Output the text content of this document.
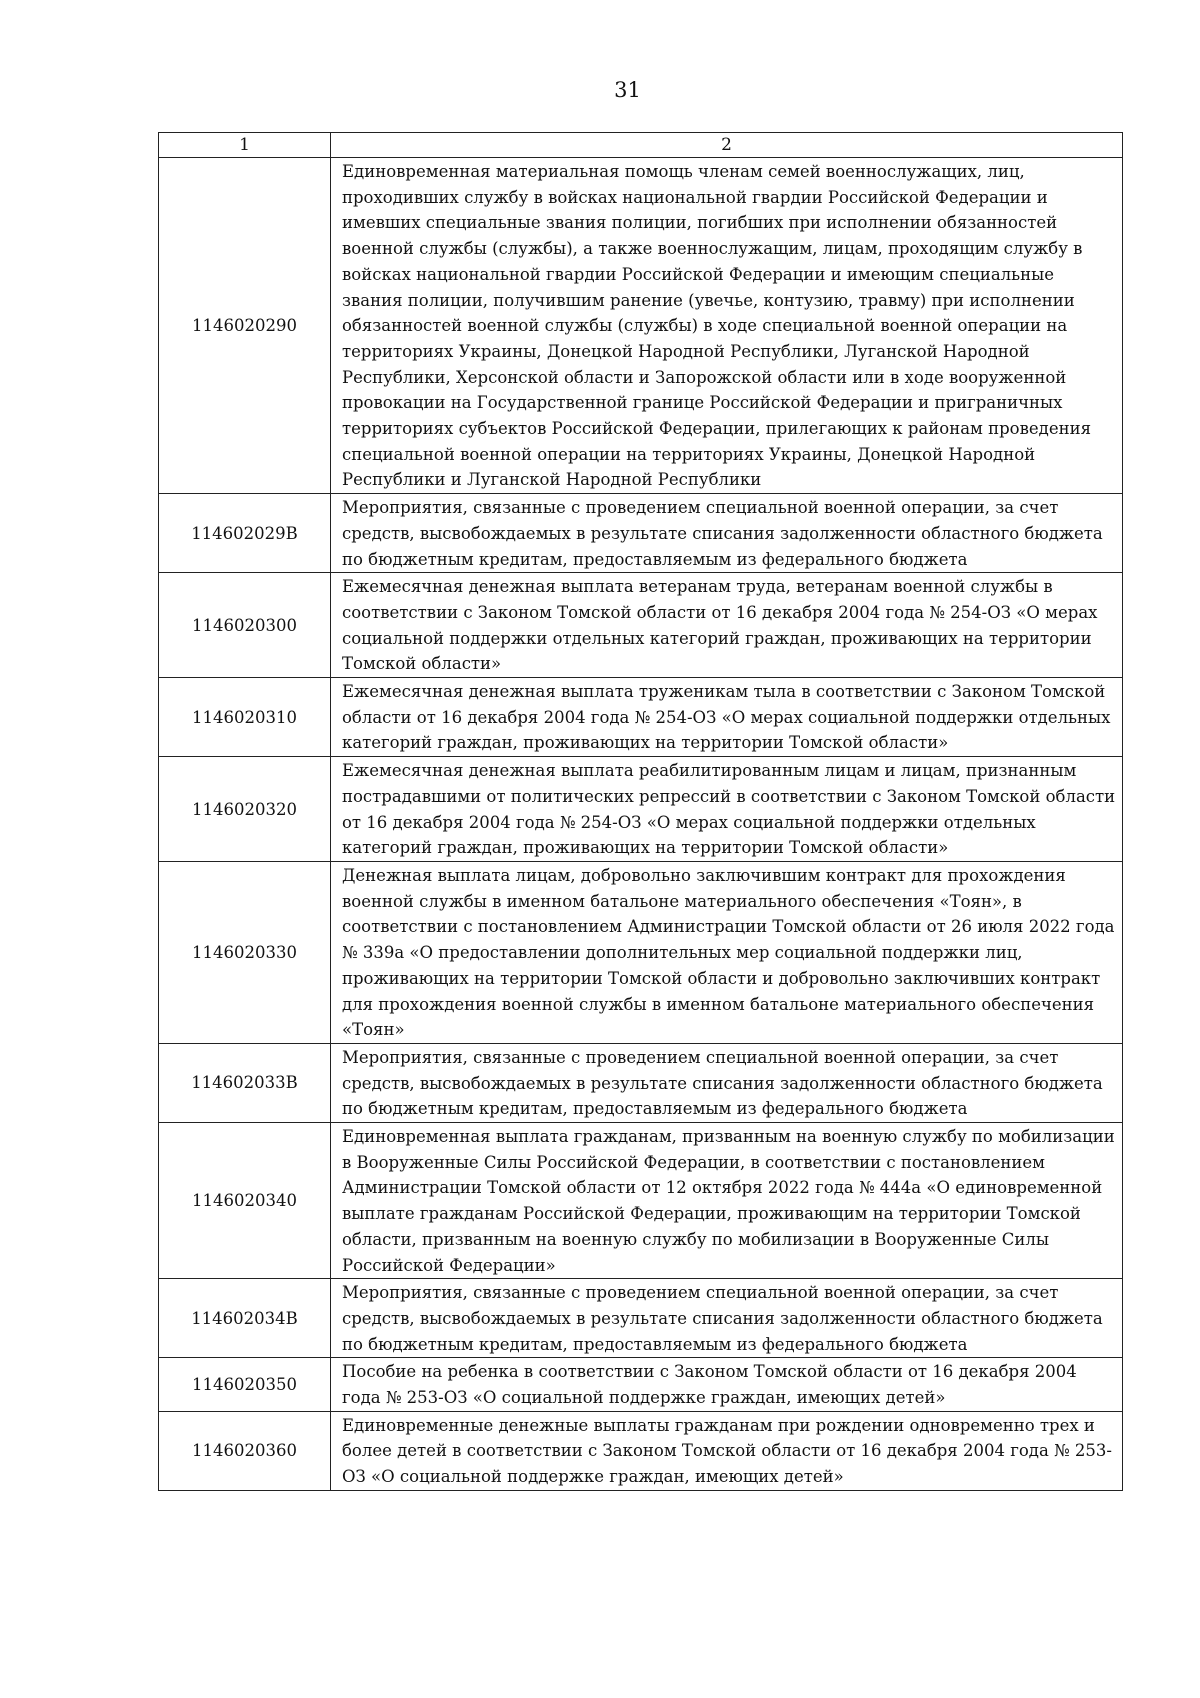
31
1	2
1146020290	Единовременная материальная помощь членам семей военнослужащих, лиц, проходивших службу в войсках национальной гвардии Российской Федерации и имевших специальные звания полиции, погибших при исполнении обязанностей военной службы (службы), а также военнослужащим, лицам, проходящим службу в войсках национальной гвардии Российской Федерации и имеющим специальные звания полиции, получившим ранение (увечье, контузию, травму) при исполнении обязанностей военной службы (службы) в ходе специальной военной операции на территориях Украины, Донецкой Народной Республики, Луганской Народной Республики, Херсонской области и Запорожской области или в ходе вооруженной провокации на Государственной границе Российской Федерации и приграничных территориях субъектов Российской Федерации, прилегающих к районам проведения специальной военной операции на территориях Украины, Донецкой Народной Республики и Луганской Народной Республики
114602029В	Мероприятия, связанные с проведением специальной военной операции, за счет средств, высвобождаемых в результате списания задолженности областного бюджета по бюджетным кредитам, предоставляемым из федерального бюджета
1146020300	Ежемесячная денежная выплата ветеранам труда, ветеранам военной службы в соответствии с Законом Томской области от 16 декабря 2004 года № 254-ОЗ «О мерах социальной поддержки отдельных категорий граждан, проживающих на территории Томской области»
1146020310	Ежемесячная денежная выплата труженикам тыла в соответствии с Законом Томской области от 16 декабря 2004 года № 254-ОЗ «О мерах социальной поддержки отдельных категорий граждан, проживающих на территории Томской области»
1146020320	Ежемесячная денежная выплата реабилитированным лицам и лицам, признанным пострадавшими от политических репрессий в соответствии с Законом Томской области от 16 декабря 2004 года № 254-ОЗ «О мерах социальной поддержки отдельных категорий граждан, проживающих на территории Томской области»
1146020330	Денежная выплата лицам, добровольно заключившим контракт для прохождения военной службы в именном батальоне материального обеспечения «Тоян», в соответствии с постановлением Администрации Томской области от 26 июля 2022 года № 339а «О предоставлении дополнительных мер социальной поддержки лиц, проживающих на территории Томской области и добровольно заключивших контракт для прохождения военной службы в именном батальоне материального обеспечения «Тоян»
114602033В	Мероприятия, связанные с проведением специальной военной операции, за счет средств, высвобождаемых в результате списания задолженности областного бюджета по бюджетным кредитам, предоставляемым из федерального бюджета
1146020340	Единовременная выплата гражданам, призванным на военную службу по мобилизации в Вооруженные Силы Российской Федерации, в соответствии с постановлением Администрации Томской области от 12 октября 2022 года № 444а «О единовременной выплате гражданам Российской Федерации, проживающим на территории Томской области, призванным на военную службу по мобилизации в Вооруженные Силы Российской Федерации»
114602034В	Мероприятия, связанные с проведением специальной военной операции, за счет средств, высвобождаемых в результате списания задолженности областного бюджета по бюджетным кредитам, предоставляемым из федерального бюджета
1146020350	Пособие на ребенка в соответствии с Законом Томской области от 16 декабря 2004 года № 253-ОЗ «О социальной поддержке граждан, имеющих детей»
1146020360	Единовременные денежные выплаты гражданам при рождении одновременно трех и более детей в соответствии с Законом Томской области от 16 декабря 2004 года № 253-ОЗ «О социальной поддержке граждан, имеющих детей»
